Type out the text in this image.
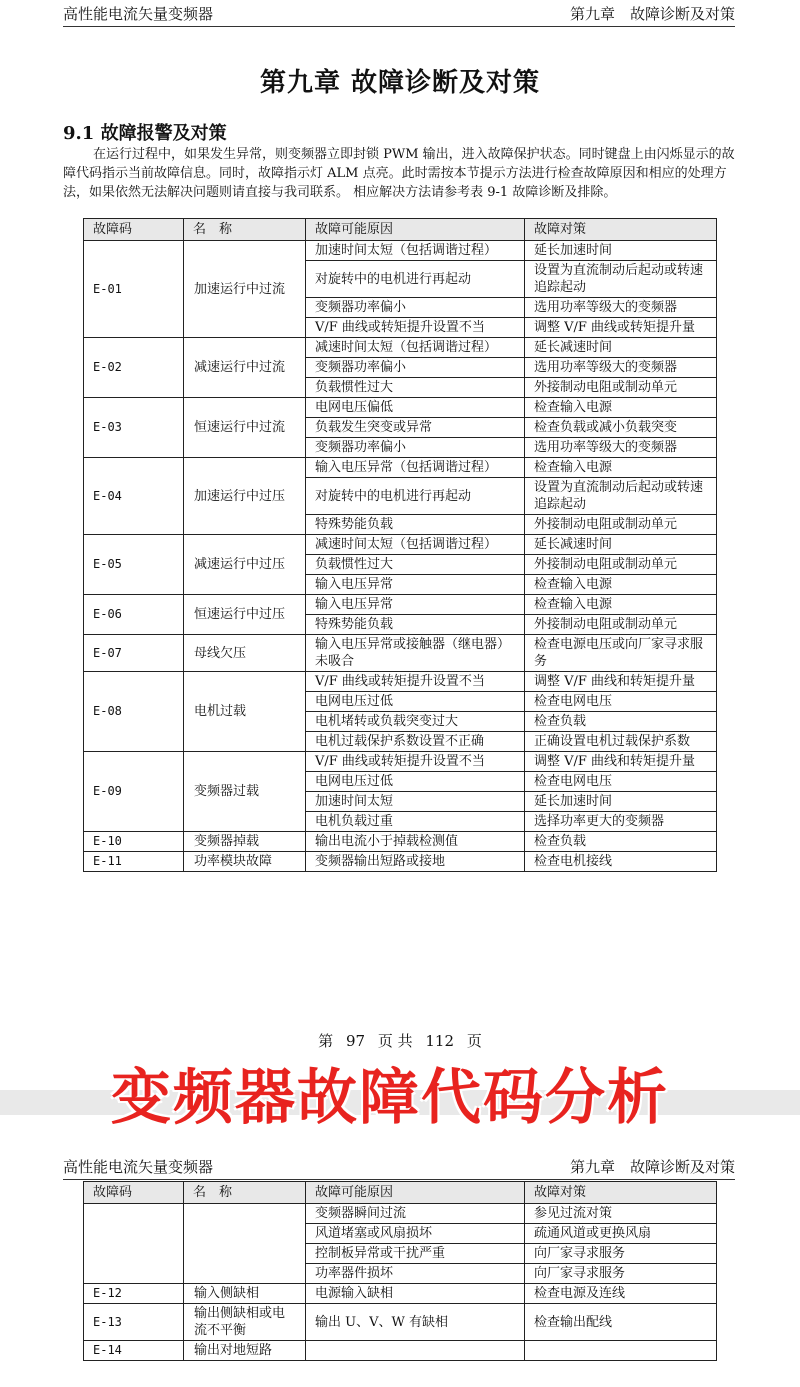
高性能电流矢量变频器	第九章　故障诊断及对策
第九章 故障诊断及对策
9.1 故障报警及对策
在运行过程中，如果发生异常，则变频器立即封锁 PWM 输出，进入故障保护状态。同时键盘上由闪烁显示的故障代码指示当前故障信息。同时，故障指示灯 ALM 点亮。此时需按本节提示方法进行检查故障原因和相应的处理方法，如果依然无法解决问题则请直接与我司联系。 相应解决方法请参考表 9-1 故障诊断及排除。
故障码	名　称	故障可能原因	故障对策
E-01	加速运行中过流	加速时间太短（包括调谐过程）	延长加速时间
		对旋转中的电机进行再起动	设置为直流制动后起动或转速追踪起动
		变频器功率偏小	选用功率等级大的变频器
		V/F 曲线或转矩提升设置不当	调整 V/F 曲线或转矩提升量
E-02	减速运行中过流	减速时间太短（包括调谐过程）	延长减速时间
		变频器功率偏小	选用功率等级大的变频器
		负载惯性过大	外接制动电阻或制动单元
E-03	恒速运行中过流	电网电压偏低	检查输入电源
		负载发生突变或异常	检查负载或减小负载突变
		变频器功率偏小	选用功率等级大的变频器
E-04	加速运行中过压	输入电压异常（包括调谐过程）	检查输入电源
		对旋转中的电机进行再起动	设置为直流制动后起动或转速追踪起动
		特殊势能负载	外接制动电阻或制动单元
E-05	减速运行中过压	减速时间太短（包括调谐过程）	延长减速时间
		负载惯性过大	外接制动电阻或制动单元
		输入电压异常	检查输入电源
E-06	恒速运行中过压	输入电压异常	检查输入电源
		特殊势能负载	外接制动电阻或制动单元
E-07	母线欠压	输入电压异常或接触器（继电器）未吸合	检查电源电压或向厂家寻求服务
E-08	电机过载	V/F 曲线或转矩提升设置不当	调整 V/F 曲线和转矩提升量
		电网电压过低	检查电网电压
		电机堵转或负载突变过大	检查负载
		电机过载保护系数设置不正确	正确设置电机过载保护系数
E-09	变频器过载	V/F 曲线或转矩提升设置不当	调整 V/F 曲线和转矩提升量
		电网电压过低	检查电网电压
		加速时间太短	延长加速时间
		电机负载过重	选择功率更大的变频器
E-10	变频器掉载	输出电流小于掉载检测值	检查负载
E-11	功率模块故障	变频器输出短路或接地	检查电机接线
第 97 页 共 112 页
高性能电流矢量变频器	第九章　故障诊断及对策
故障码	名　称	故障可能原因	故障对策
		变频器瞬间过流	参见过流对策
		风道堵塞或风扇损坏	疏通风道或更换风扇
		控制板异常或干扰严重	向厂家寻求服务
		功率器件损坏	向厂家寻求服务
E-12	输入侧缺相	电源输入缺相	检查电源及连线
E-13	输出侧缺相或电流不平衡	输出 U、V、W 有缺相	检查输出配线
E-14	输出对地短路		
变频器故障代码分析
